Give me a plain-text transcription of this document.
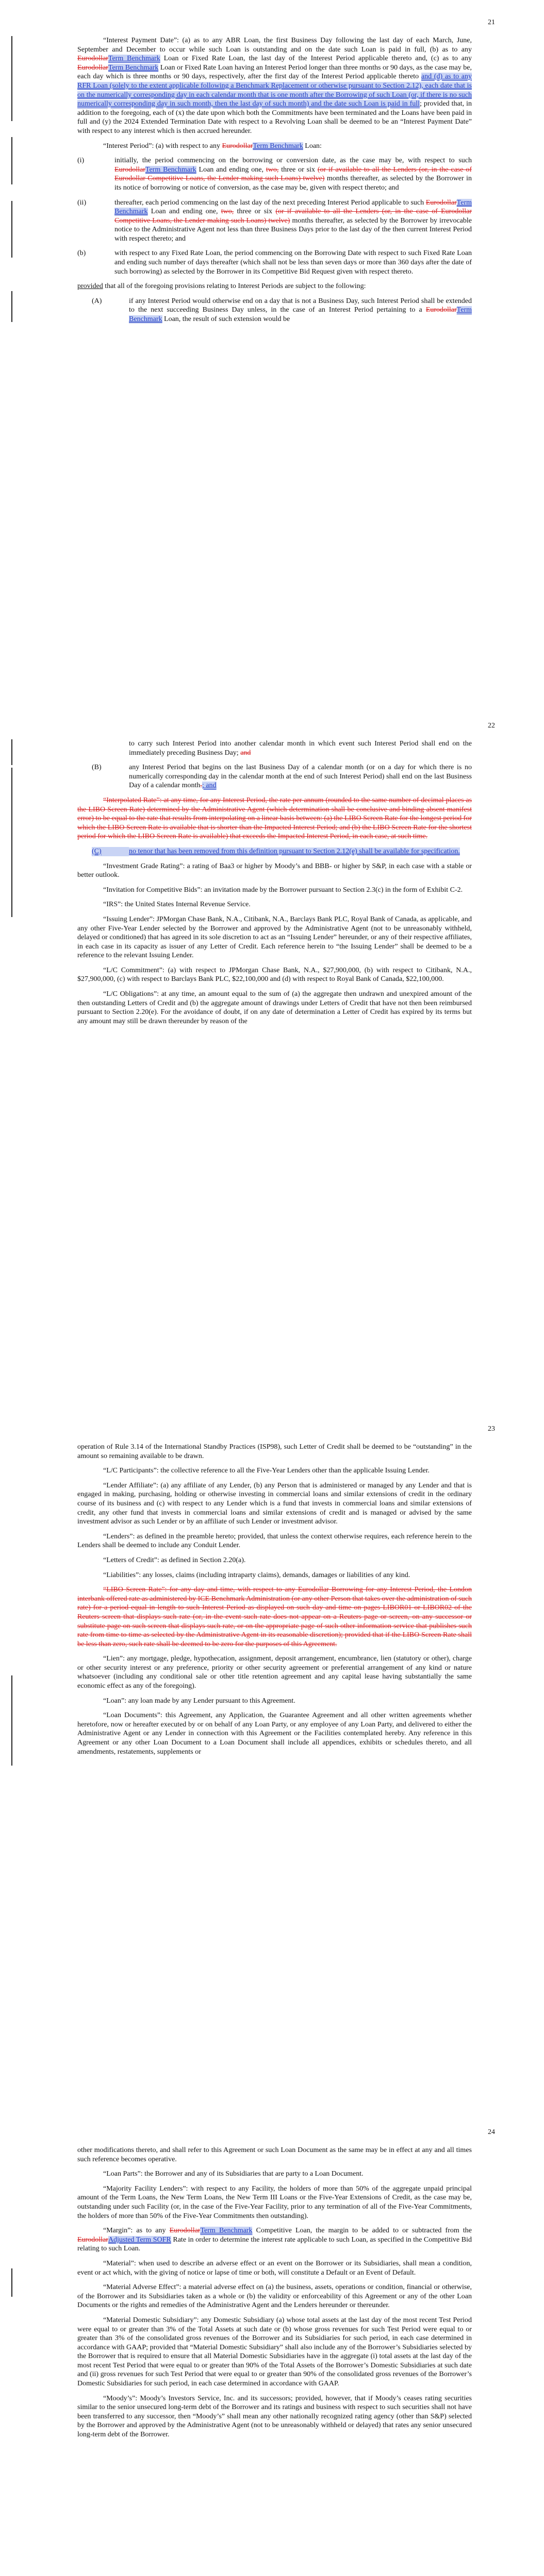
21

“Interest Payment Date”: (a) as to any ABR Loan, the first Business Day following the last day of each March, June, September and December to occur while such Loan is outstanding and on the date such Loan is paid in full, (b) as to any EurodollarTerm Benchmark Loan or Fixed Rate Loan, the last day of the Interest Period applicable thereto and, (c) as to any EurodollarTerm Benchmark Loan or Fixed Rate Loan having an Interest Period longer than three months or 90 days, as the case may be, each day which is three months or 90 days, respectively, after the first day of the Interest Period applicable thereto and (d) as to any RFR Loan (solely to the extent applicable following a Benchmark Replacement or otherwise pursuant to Section 2.12), each date that is on the numerically corresponding day in each calendar month that is one month after the Borrowing of such Loan (or, if there is no such numerically corresponding day in such month, then the last day of such month) and the date such Loan is paid in full; provided that, in addition to the foregoing, each of (x) the date upon which both the Commitments have been terminated and the Loans have been paid in full and (y) the 2024 Extended Termination Date with respect to a Revolving Loan shall be deemed to be an “Interest Payment Date” with respect to any interest which is then accrued hereunder.

“Interest Period”: (a) with respect to any EurodollarTerm Benchmark Loan:

(i)	initially, the period commencing on the borrowing or conversion date, as the case may be, with respect to such EurodollarTerm Benchmark Loan and ending one, two, three or six (or if available to all the Lenders (or, in the case of Eurodollar Competitive Loans, the Lender making such Loans) twelve) months thereafter, as selected by the Borrower in its notice of borrowing or notice of conversion, as the case may be, given with respect thereto; and
(ii)	thereafter, each period commencing on the last day of the next preceding Interest Period applicable to such EurodollarTerm Benchmark Loan and ending one, two, three or six (or if available to all the Lenders (or, in the case of Eurodollar Competitive Loans, the Lender making such Loans) twelve) months thereafter, as selected by the Borrower by irrevocable notice to the Administrative Agent not less than three Business Days prior to the last day of the then current Interest Period with respect thereto; and
(b)	with respect to any Fixed Rate Loan, the period commencing on the Borrowing Date with respect to such Fixed Rate Loan and ending such number of days thereafter (which shall not be less than seven days or more than 360 days after the date of such borrowing) as selected by the Borrower in its Competitive Bid Request given with respect thereto.

provided that all of the foregoing provisions relating to Interest Periods are subject to the following:

(A)	if any Interest Period would otherwise end on a day that is not a Business Day, such Interest Period shall be extended to the next succeeding Business Day unless, in the case of an Interest Period pertaining to a EurodollarTerm Benchmark Loan, the result of such extension would be
22
to carry such Interest Period into another calendar month in which event such Interest Period shall end on the immediately preceding Business Day; and
(B)	any Interest Period that begins on the last Business Day of a calendar month (or on a day for which there is no numerically corresponding day in the calendar month at the end of such Interest Period) shall end on the last Business Day of a calendar month.; and

“Interpolated Rate”: at any time, for any Interest Period, the rate per annum (rounded to the same number of decimal places as the LIBO Screen Rate) determined by the Administrative Agent (which determination shall be conclusive and binding absent manifest error) to be equal to the rate that results from interpolating on a linear basis between: (a) the LIBO Screen Rate for the longest period for which the LIBO Screen Rate is available that is shorter than the Impacted Interest Period; and (b) the LIBO Screen Rate for the shortest period for which the LIBO Screen Rate is available) that exceeds the Impacted Interest Period, in each case, at such time.

(C)	no tenor that has been removed from this definition pursuant to Section 2.12(e) shall be available for specification.

“Investment Grade Rating”: a rating of Baa3 or higher by Moody’s and BBB- or higher by S&P, in each case with a stable or better outlook.

“Invitation for Competitive Bids”: an invitation made by the Borrower pursuant to Section 2.3(c) in the form of Exhibit C-2.

“IRS”: the United States Internal Revenue Service.

“Issuing Lender”: JPMorgan Chase Bank, N.A., Citibank, N.A., Barclays Bank PLC, Royal Bank of Canada, as applicable, and any other Five-Year Lender selected by the Borrower and approved by the Administrative Agent (not to be unreasonably withheld, delayed or conditioned) that has agreed in its sole discretion to act as an “Issuing Lender” hereunder, or any of their respective affiliates, in each case in its capacity as issuer of any Letter of Credit. Each reference herein to “the Issuing Lender” shall be deemed to be a reference to the relevant Issuing Lender.

“L/C Commitment”: (a) with respect to JPMorgan Chase Bank, N.A., $27,900,000, (b) with respect to Citibank, N.A., $27,900,000, (c) with respect to Barclays Bank PLC, $22,100,000 and (d) with respect to Royal Bank of Canada, $22,100,000.

“L/C Obligations”: at any time, an amount equal to the sum of (a) the aggregate then undrawn and unexpired amount of the then outstanding Letters of Credit and (b) the aggregate amount of drawings under Letters of Credit that have not then been reimbursed pursuant to Section 2.20(e). For the avoidance of doubt, if on any date of determination a Letter of Credit has expired by its terms but any amount may still be drawn thereunder by reason of the

23

operation of Rule 3.14 of the International Standby Practices (ISP98), such Letter of Credit shall be deemed to be “outstanding” in the amount so remaining available to be drawn.

“L/C Participants”: the collective reference to all the Five-Year Lenders other than the applicable Issuing Lender.

“Lender Affiliate”: (a) any affiliate of any Lender, (b) any Person that is administered or managed by any Lender and that is engaged in making, purchasing, holding or otherwise investing in commercial loans and similar extensions of credit in the ordinary course of its business and (c) with respect to any Lender which is a fund that invests in commercial loans and similar extensions of credit, any other fund that invests in commercial loans and similar extensions of credit and is managed or advised by the same investment advisor as such Lender or by an affiliate of such Lender or investment advisor.

“Lenders”: as defined in the preamble hereto; provided, that unless the context otherwise requires, each reference herein to the Lenders shall be deemed to include any Conduit Lender.

“Letters of Credit”: as defined in Section 2.20(a).

“Liabilities”: any losses, claims (including intraparty claims), demands, damages or liabilities of any kind.

“LIBO Screen Rate”: for any day and time, with respect to any Eurodollar Borrowing for any Interest Period, the London interbank offered rate as administered by ICE Benchmark Administration (or any other Person that takes over the administration of such rate) for a period equal in length to such Interest Period as displayed on such day and time on pages LIBOR01 or LIBOR02 of the Reuters screen that displays such rate (or, in the event such rate does not appear on a Reuters page or screen, on any successor or substitute page on such screen that displays such rate, or on the appropriate page of such other information service that publishes such rate from time to time as selected by the Administrative Agent in its reasonable discretion); provided that if the LIBO Screen Rate shall be less than zero, such rate shall be deemed to be zero for the purposes of this Agreement.

“Lien”: any mortgage, pledge, hypothecation, assignment, deposit arrangement, encumbrance, lien (statutory or other), charge or other security interest or any preference, priority or other security agreement or preferential arrangement of any kind or nature whatsoever (including any conditional sale or other title retention agreement and any capital lease having substantially the same economic effect as any of the foregoing).

“Loan”: any loan made by any Lender pursuant to this Agreement.

“Loan Documents”: this Agreement, any Application, the Guarantee Agreement and all other written agreements whether heretofore, now or hereafter executed by or on behalf of any Loan Party, or any employee of any Loan Party, and delivered to either the Administrative Agent or any Lender in connection with this Agreement or the Facilities contemplated hereby. Any reference in this Agreement or any other Loan Document to a Loan Document shall include all appendices, exhibits or schedules thereto, and all amendments, restatements, supplements or

24

other modifications thereto, and shall refer to this Agreement or such Loan Document as the same may be in effect at any and all times such reference becomes operative.

“Loan Parts”: the Borrower and any of its Subsidiaries that are party to a Loan Document.

“Majority Facility Lenders”: with respect to any Facility, the holders of more than 50% of the aggregate unpaid principal amount of the Term Loans, the New Term Loans, the New Term III Loans or the Five-Year Extensions of Credit, as the case may be, outstanding under such Facility (or, in the case of the Five-Year Facility, prior to any termination of all of the Five-Year Commitments, the holders of more than 50% of the Five-Year Commitments then outstanding).

“Margin”: as to any EurodollarTerm Benchmark Competitive Loan, the margin to be added to or subtracted from the EurodollarAdjusted Term SOFR Rate in order to determine the interest rate applicable to such Loan, as specified in the Competitive Bid relating to such Loan.

“Material”: when used to describe an adverse effect or an event on the Borrower or its Subsidiaries, shall mean a condition, event or act which, with the giving of notice or lapse of time or both, will constitute a Default or an Event of Default.

“Material Adverse Effect”: a material adverse effect on (a) the business, assets, operations or condition, financial or otherwise, of the Borrower and its Subsidiaries taken as a whole or (b) the validity or enforceability of this Agreement or any of the other Loan Documents or the rights and remedies of the Administrative Agent and the Lenders hereunder or thereunder.

“Material Domestic Subsidiary”: any Domestic Subsidiary (a) whose total assets at the last day of the most recent Test Period were equal to or greater than 3% of the Total Assets at such date or (b) whose gross revenues for such Test Period were equal to or greater than 3% of the consolidated gross revenues of the Borrower and its Subsidiaries for such period, in each case determined in accordance with GAAP; provided that “Material Domestic Subsidiary” shall also include any of the Borrower’s Subsidiaries selected by the Borrower that is required to ensure that all Material Domestic Subsidiaries have in the aggregate (i) total assets at the last day of the most recent Test Period that were equal to or greater than 90% of the Total Assets of the Borrower’s Domestic Subsidiaries at such date and (ii) gross revenues for such Test Period that were equal to or greater than 90% of the consolidated gross revenues of the Borrower’s Domestic Subsidiaries for such period, in each case determined in accordance with GAAP.

“Moody’s”: Moody’s Investors Service, Inc. and its successors; provided, however, that if Moody’s ceases rating securities similar to the senior unsecured long-term debt of the Borrower and its ratings and business with respect to such securities shall not have been transferred to any successor, then “Moody’s” shall mean any other nationally recognized rating agency (other than S&P) selected by the Borrower and approved by the Administrative Agent (not to be unreasonably withheld or delayed) that rates any senior unsecured long-term debt of the Borrower.
